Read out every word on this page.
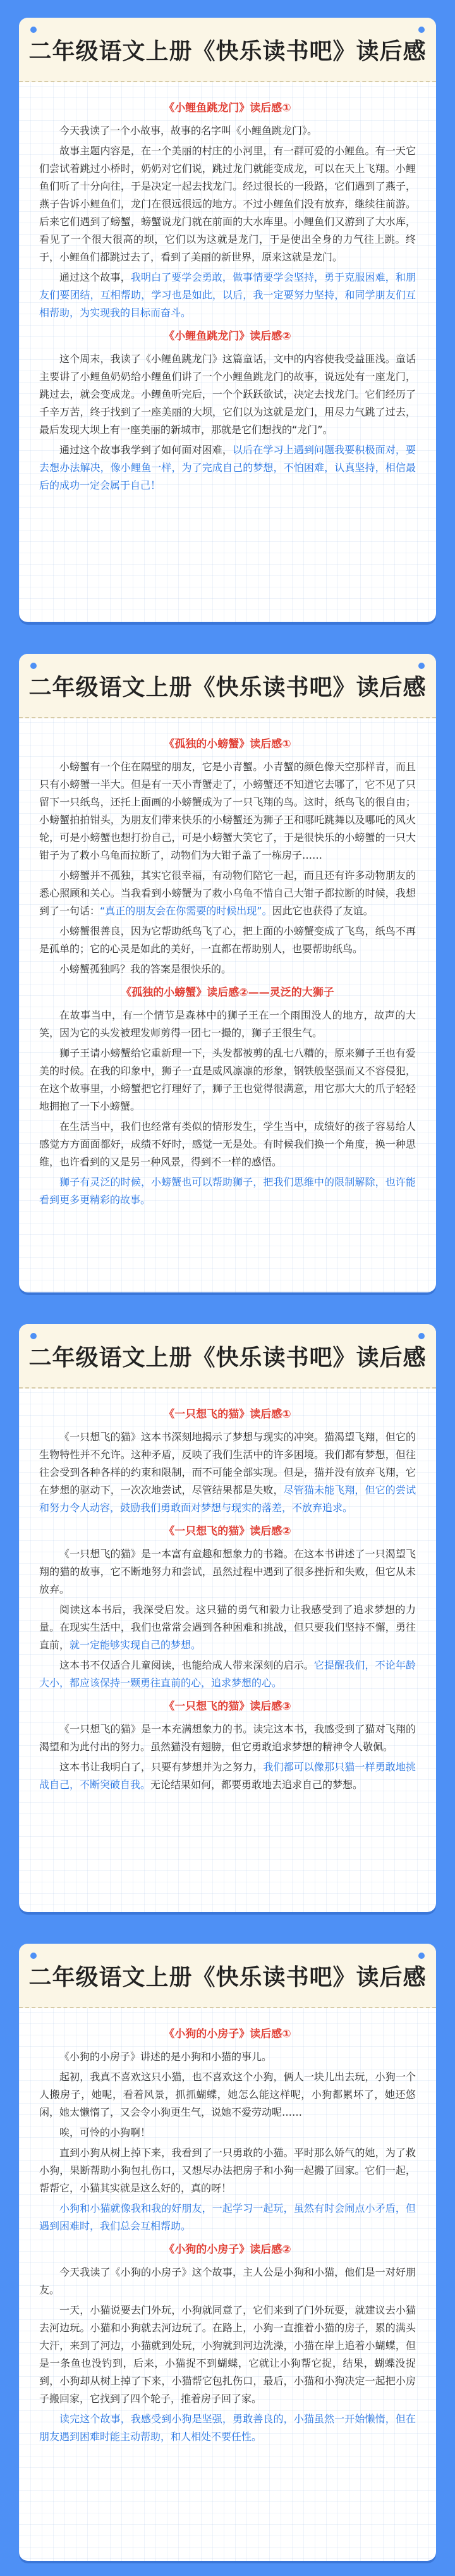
二年级语文上册《快乐读书吧》读后感
《小鲤鱼跳龙门》读后感①

今天我读了一个小故事，故事的名字叫《小鲤鱼跳龙门》。

故事主题内容是，在一个美丽的村庄的小河里，有一群可爱的小鲤鱼。有一天它们尝试着跳过小桥时，奶奶对它们说，跳过龙门就能变成龙，可以在天上飞翔。小鲤鱼们听了十分向往，于是决定一起去找龙门。经过很长的一段路，它们遇到了燕子，燕子告诉小鲤鱼们，龙门在很远很远的地方。不过小鲤鱼们没有放弃，继续往前游。后来它们遇到了螃蟹，螃蟹说龙门就在前面的大水库里。小鲤鱼们又游到了大水库，看见了一个很大很高的坝，它们以为这就是龙门，于是使出全身的力气往上跳。终于，小鲤鱼们都跳过去了，看到了美丽的新世界，原来这就是龙门。

通过这个故事，我明白了要学会勇敢，做事情要学会坚持，勇于克服困难，和朋友们要团结，互相帮助，学习也是如此，以后，我一定要努力坚持，和同学朋友们互相帮助，为实现我的目标而奋斗。

《小鲤鱼跳龙门》读后感②

这个周末，我读了《小鲤鱼跳龙门》这篇童话，文中的内容使我受益匪浅。童话主要讲了小鲤鱼奶奶给小鲤鱼们讲了一个小鲤鱼跳龙门的故事，说远处有一座龙门，跳过去，就会变成龙。小鲤鱼听完后，一个个跃跃欲试，决定去找龙门。它们经历了千辛万苦，终于找到了一座美丽的大坝，它们以为这就是龙门，用尽力气跳了过去，最后发现大坝上有一座美丽的新城市，那就是它们想找的“龙门”。

通过这个故事我学到了如何面对困难，以后在学习上遇到问题我要积极面对，要去想办法解决，像小鲤鱼一样，为了完成自己的梦想，不怕困难，认真坚持，相信最后的成功一定会属于自己！

二年级语文上册《快乐读书吧》读后感
《孤独的小螃蟹》读后感①

小螃蟹有一个住在隔壁的朋友，它是小青蟹。小青蟹的颜色像天空那样青，而且只有小螃蟹一半大。但是有一天小青蟹走了，小螃蟹还不知道它去哪了，它不见了只留下一只纸鸟，还托上面画的小螃蟹成为了一只飞翔的鸟。这时，纸鸟飞的很自由；小螃蟹拍拍钳头，为朋友们带来快乐的小螃蟹还为狮子王和哪吒跳舞以及哪吒的风火轮，可是小螃蟹也想打扮自己，可是小螃蟹大笑它了，于是很快乐的小螃蟹的一只大钳子为了救小乌龟而拉断了，动物们为大钳子盖了一栋房子……

小螃蟹并不孤独，其实它很幸福，有动物们陪它一起，而且还有许多动物朋友的悉心照顾和关心。当我看到小螃蟹为了救小乌龟不惜自己大钳子都拉断的时候，我想到了一句话：“真正的朋友会在你需要的时候出现”。因此它也获得了友谊。

小螃蟹很善良，因为它帮助纸鸟飞了心，把上面的小螃蟹变成了飞鸟，纸鸟不再是孤单的；它的心灵是如此的美好，一直都在帮助别人，也要帮助纸鸟。

小螃蟹孤独吗？我的答案是很快乐的。

《孤独的小螃蟹》读后感②——灵泛的大狮子

在故事当中，有一个情节是森林中的狮子王在一个雨围没人的地方，故声的大笑，因为它的头发被理发师剪得一团七一撮的，狮子王很生气。

狮子王请小螃蟹给它重新理一下，头发都被剪的乱七八糟的，原来狮子王也有爱美的时候。在我的印象中，狮子一直是威风凛凛的形象，钢铁般坚强而又不容侵犯，在这个故事里，小螃蟹把它打理好了，狮子王也觉得很满意，用它那大大的爪子轻轻地拥抱了一下小螃蟹。

在生活当中，我们也经常有类似的情形发生，学生当中，成绩好的孩子容易给人感觉方方面面都好，成绩不好时，感觉一无是处。有时候我们换一个角度，换一种思维，也许看到的又是另一种风景，得到不一样的感悟。

狮子有灵泛的时候，小螃蟹也可以帮助狮子，把我们思维中的限制解除，也许能看到更多更精彩的故事。

二年级语文上册《快乐读书吧》读后感
《一只想飞的猫》读后感①

《一只想飞的猫》这本书深刻地揭示了梦想与现实的冲突。猫渴望飞翔，但它的生物特性并不允许。这种矛盾，反映了我们生活中的许多困境。我们都有梦想，但往往会受到各种各样的约束和限制，而不可能全部实现。但是，猫并没有放弃飞翔，它在梦想的驱动下，一次次地尝试，尽管结果都是失败，尽管猫未能飞翔，但它的尝试和努力令人动容，鼓励我们勇敢面对梦想与现实的落差，不放弃追求。

《一只想飞的猫》读后感②

《一只想飞的猫》是一本富有童趣和想象力的书籍。在这本书讲述了一只渴望飞翔的猫的故事，它不断地努力和尝试，虽然过程中遇到了很多挫折和失败，但它从未放弃。

阅读这本书后，我深受启发。这只猫的勇气和毅力让我感受到了追求梦想的力量。在现实生活中，我们也常常会遇到各种困难和挑战，但只要我们坚持不懈，勇往直前，就一定能够实现自己的梦想。

这本书不仅适合儿童阅读，也能给成人带来深刻的启示。它提醒我们，不论年龄大小，都应该保持一颗勇往直前的心，追求梦想的心。

《一只想飞的猫》读后感③

《一只想飞的猫》是一本充满想象力的书。读完这本书，我感受到了猫对飞翔的渴望和为此付出的努力。虽然猫没有翅膀，但它勇敢追求梦想的精神令人敬佩。

这本书让我明白了，只要有梦想并为之努力，我们都可以像那只猫一样勇敢地挑战自己，不断突破自我。无论结果如何，都要勇敢地去追求自己的梦想。

二年级语文上册《快乐读书吧》读后感
《小狗的小房子》读后感①

《小狗的小房子》讲述的是小狗和小猫的事儿。

起初，我真不喜欢这只小猫，也不喜欢这个小狗，俩人一块儿出去玩，小狗一个人搬房子，她呢，看着风景，抓抓蝴蝶，她怎么能这样呢，小狗都累坏了，她还悠闲，她太懒惰了，又会令小狗更生气，说她不爱劳动呢……

唉，可怜的小狗啊！

直到小狗从树上掉下来，我看到了一只勇敢的小猫。平时那么娇气的她，为了救小狗，果断帮助小狗包扎伤口，又想尽办法把房子和小狗一起搬了回家。它们一起，帮帮它，小猫其实就是这么好的，真的呀！

小狗和小猫就像我和我的好朋友，一起学习一起玩，虽然有时会闹点小矛盾，但遇到困难时，我们总会互相帮助。

《小狗的小房子》读后感②

今天我读了《小狗的小房子》这个故事，主人公是小狗和小猫，他们是一对好朋友。

一天，小猫说要去门外玩，小狗就同意了，它们来到了门外玩耍，就建议去小猫去河边玩。小猫和小狗就去河边玩了。在路上，小狗一直推着小猫的房子，累的满头大汗，来到了河边，小猫就到处玩，小狗就到河边洗澡，小猫在岸上追着小蝴蝶，但是一条鱼也没钓到，后来，小猫捉不到蝴蝶，它就让小狗帮它捉，结果，蝴蝶没捉到，小狗却从树上掉了下来，小猫帮它包扎伤口，最后，小猫和小狗决定一起把小房子搬回家，它找到了四个轮子，推着房子回了家。

读完这个故事，我感受到小狗是坚强，勇敢善良的，小猫虽然一开始懒惰，但在朋友遇到困难时能主动帮助，和人相处不要任性。
